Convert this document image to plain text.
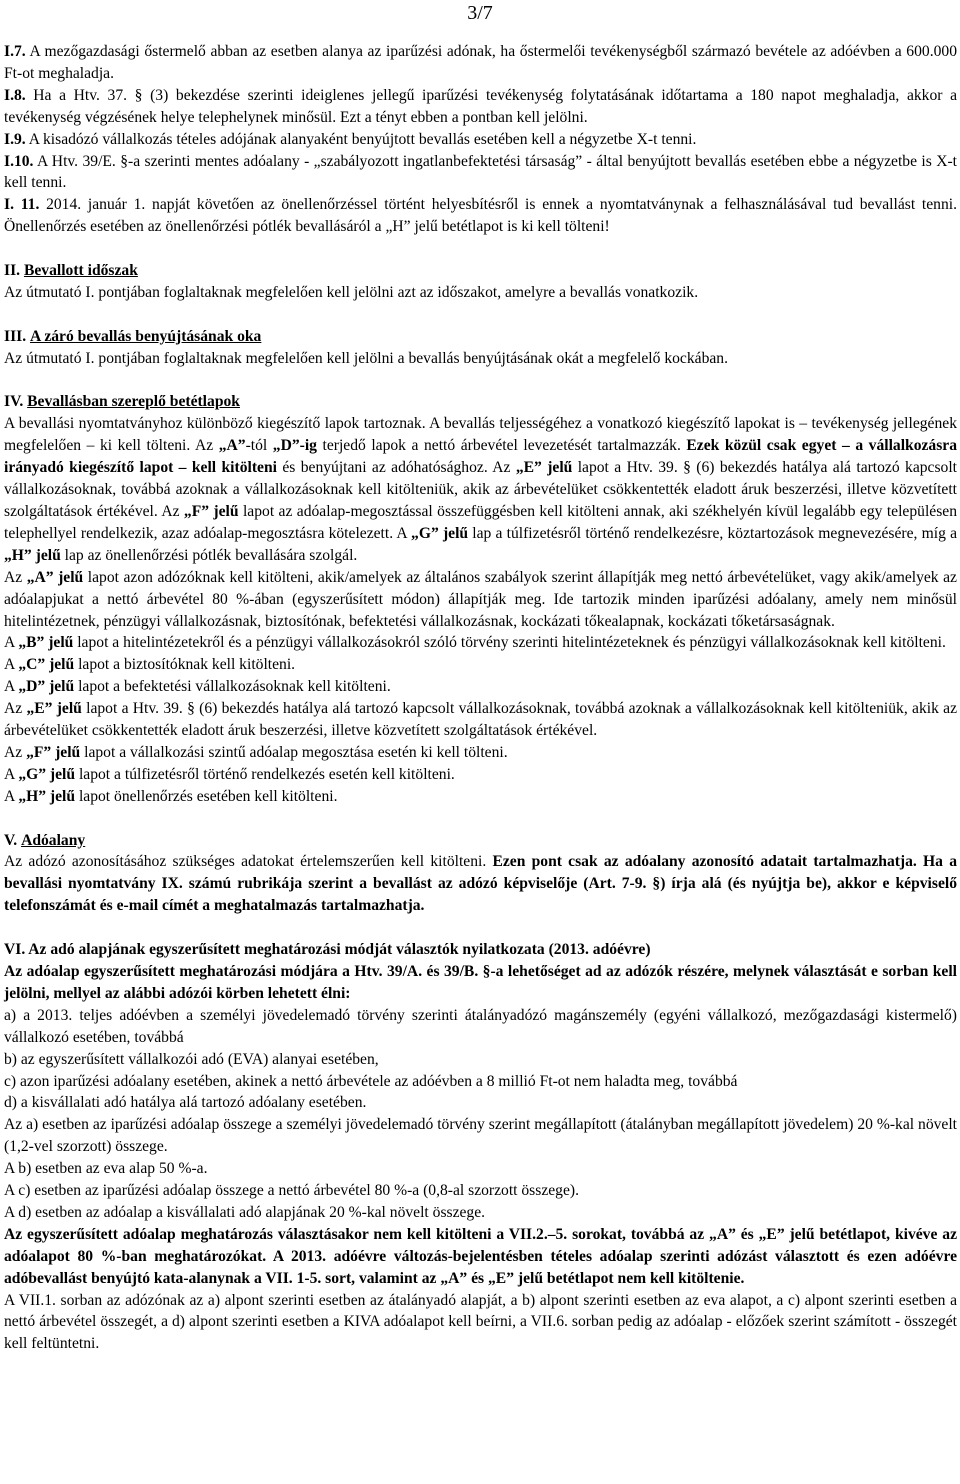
3/7

I.7. A mezőgazdasági őstermelő abban az esetben alanya az iparűzési adónak, ha őstermelői tevékenységből származó bevétele az adóévben a 600.000 Ft-ot meghaladja.

I.8. Ha a Htv. 37. § (3) bekezdése szerinti ideiglenes jellegű iparűzési tevékenység folytatásának időtartama a 180 napot meghaladja, akkor a tevékenység végzésének helye telephelynek minősül. Ezt a tényt ebben a pontban kell jelölni.

I.9. A kisadózó vállalkozás tételes adójának alanyaként benyújtott bevallás esetében kell a négyzetbe X-t tenni.

I.10. A Htv. 39/E. §-a szerinti mentes adóalany - „szabályozott ingatlanbefektetési társaság” - által benyújtott bevallás esetében ebbe a négyzetbe is X-t kell tenni.

I. 11. 2014. január 1. napját követően az önellenőrzéssel történt helyesbítésről is ennek a nyomtatványnak a felhasználásával tud bevallást tenni. Önellenőrzés esetében az önellenőrzési pótlék bevallásáról a „H” jelű betétlapot is ki kell tölteni!

II. Bevallott időszak

Az útmutató I. pontjában foglaltaknak megfelelően kell jelölni azt az időszakot, amelyre a bevallás vonatkozik.

III. A záró bevallás benyújtásának oka

Az útmutató I. pontjában foglaltaknak megfelelően kell jelölni a bevallás benyújtásának okát a megfelelő kockában.

IV. Bevallásban szereplő betétlapok

A bevallási nyomtatványhoz különböző kiegészítő lapok tartoznak. A bevallás teljességéhez a vonatkozó kiegészítő lapokat is – tevékenység jellegének megfelelően – ki kell tölteni. Az „A”-tól „D”-ig terjedő lapok a nettó árbevétel levezetését tartalmazzák. Ezek közül csak egyet – a vállalkozásra irányadó kiegészítő lapot – kell kitölteni és benyújtani az adóhatósághoz. Az „E” jelű lapot a Htv. 39. § (6) bekezdés hatálya alá tartozó kapcsolt vállalkozásoknak, továbbá azoknak a vállalkozásoknak kell kitölteniük, akik az árbevételüket csökkentették eladott áruk beszerzési, illetve közvetített szolgáltatások értékével. Az „F” jelű lapot az adóalap-megosztással összefüggésben kell kitölteni annak, aki székhelyén kívül legalább egy településen telephellyel rendelkezik, azaz adóalap-megosztásra kötelezett. A „G” jelű lap a túlfizetésről történő rendelkezésre, köztartozások megnevezésére, míg a „H” jelű lap az önellenőrzési pótlék bevallására szolgál.

Az „A” jelű lapot azon adózóknak kell kitölteni, akik/amelyek az általános szabályok szerint állapítják meg nettó árbevételüket, vagy akik/amelyek az adóalapjukat a nettó árbevétel 80 %-ában (egyszerűsített módon) állapítják meg. Ide tartozik minden iparűzési adóalany, amely nem minősül hitelintézetnek, pénzügyi vállalkozásnak, biztosítónak, befektetési vállalkozásnak, kockázati tőkealapnak, kockázati tőketársaságnak.

A „B” jelű lapot a hitelintézetekről és a pénzügyi vállalkozásokról szóló törvény szerinti hitelintézeteknek és pénzügyi vállalkozásoknak kell kitölteni.

A „C” jelű lapot a biztosítóknak kell kitölteni.

A „D” jelű lapot a befektetési vállalkozásoknak kell kitölteni.

Az „E” jelű lapot a Htv. 39. § (6) bekezdés hatálya alá tartozó kapcsolt vállalkozásoknak, továbbá azoknak a vállalkozásoknak kell kitölteniük, akik az árbevételüket csökkentették eladott áruk beszerzési, illetve közvetített szolgáltatások értékével.

Az „F” jelű lapot a vállalkozási szintű adóalap megosztása esetén ki kell tölteni.

A „G” jelű lapot a túlfizetésről történő rendelkezés esetén kell kitölteni.

A „H” jelű lapot önellenőrzés esetében kell kitölteni.

V. Adóalany

Az adózó azonosításához szükséges adatokat értelemszerűen kell kitölteni. Ezen pont csak az adóalany azonosító adatait tartalmazhatja. Ha a bevallási nyomtatvány IX. számú rubrikája szerint a bevallást az adózó képviselője (Art. 7-9. §) írja alá (és nyújtja be), akkor e képviselő telefonszámát és e-mail címét a meghatalmazás tartalmazhatja.

VI. Az adó alapjának egyszerűsített meghatározási módját választók nyilatkozata (2013. adóévre)

Az adóalap egyszerűsített meghatározási módjára a Htv. 39/A. és 39/B. §-a lehetőséget ad az adózók részére, melynek választását e sorban kell jelölni, mellyel az alábbi adózói körben lehetett élni:

a) a 2013. teljes adóévben a személyi jövedelemadó törvény szerinti átalányadózó magánszemély (egyéni vállalkozó, mezőgazdasági kistermelő) vállalkozó esetében, továbbá

b) az egyszerűsített vállalkozói adó (EVA) alanyai esetében,

c) azon iparűzési adóalany esetében, akinek a nettó árbevétele az adóévben a 8 millió Ft-ot nem haladta meg, továbbá

d) a kisvállalati adó hatálya alá tartozó adóalany esetében.

Az a) esetben az iparűzési adóalap összege a személyi jövedelemadó törvény szerint megállapított (átalányban megállapított jövedelem) 20 %-kal növelt (1,2-vel szorzott) összege.

A b) esetben az eva alap 50 %-a.

A c) esetben az iparűzési adóalap összege a nettó árbevétel 80 %-a (0,8-al szorzott összege).

A d) esetben az adóalap a kisvállalati adó alapjának 20 %-kal növelt összege.

Az egyszerűsített adóalap meghatározás választásakor nem kell kitölteni a VII.2.–5. sorokat, továbbá az „A” és „E” jelű betétlapot, kivéve az adóalapot 80 %-ban meghatározókat. A 2013. adóévre változás-bejelentésben tételes adóalap szerinti adózást választott és ezen adóévre adóbevallást benyújtó kata-alanynak a VII. 1-5. sort, valamint az „A” és „E” jelű betétlapot nem kell kitöltenie.

A VII.1. sorban az adózónak az a) alpont szerinti esetben az átalányadó alapját, a b) alpont szerinti esetben az eva alapot, a c) alpont szerinti esetben a nettó árbevétel összegét, a d) alpont szerinti esetben a KIVA adóalapot kell beírni, a VII.6. sorban pedig az adóalap - előzőek szerint számított - összegét kell feltüntetni.
